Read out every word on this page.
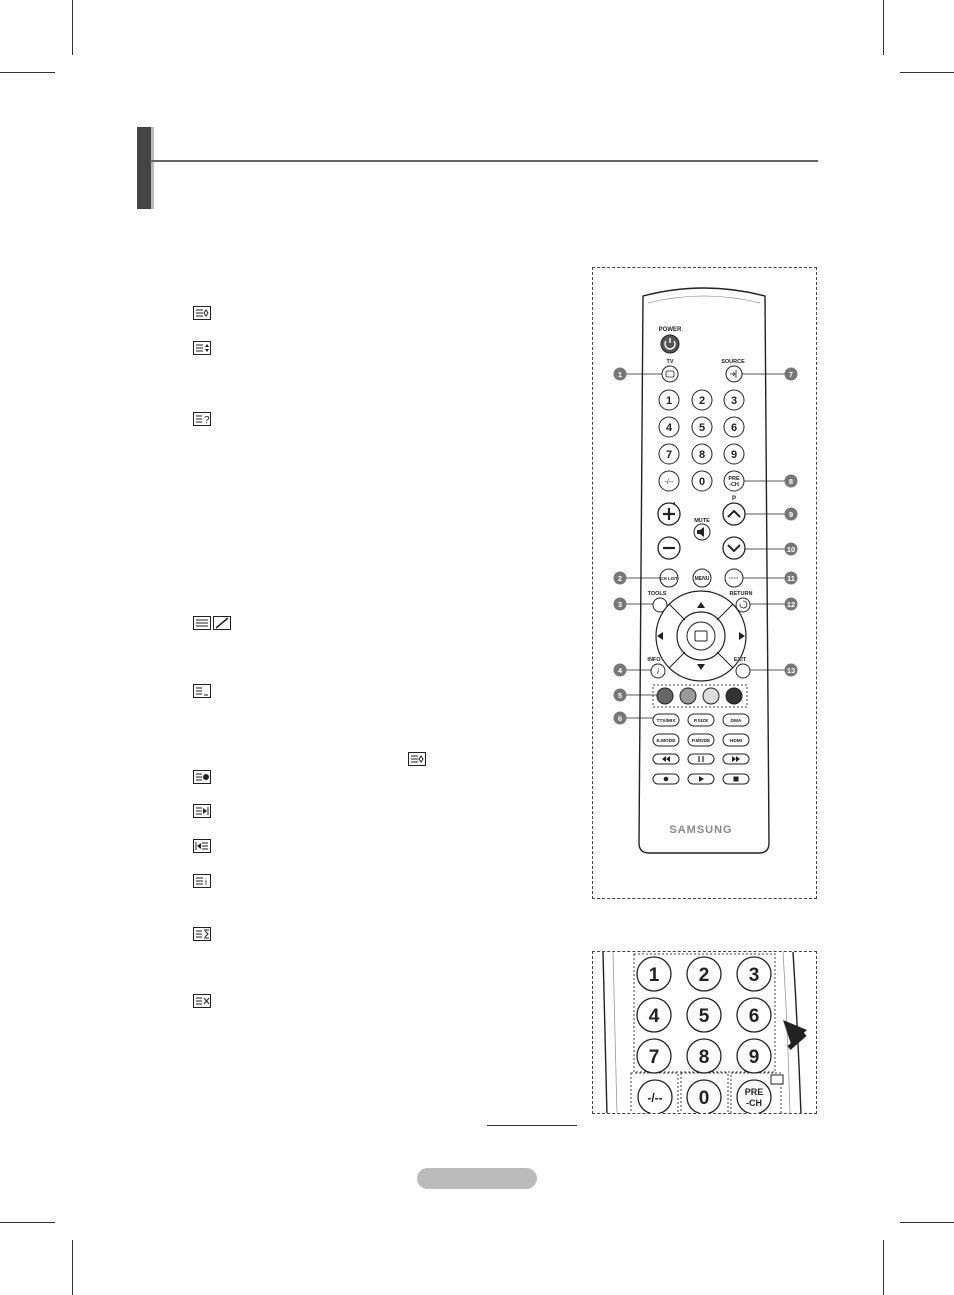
?
i
POWER
TV	SOURCE
1 2 3
4 5 6
7 8 9
-/-- 0	PRE
-CH
MUTE
P
CH LIST	MENU
TOOLS	RETURN
INFO
i
EXIT
TTX/MIX	P.SIZE	DMA
E.MODE	P.MODE	HDMI
SAMSUNG
1
2
3
4
5
6
7
8
9
10
11
12
13
1 2 3
4 5 6
7 8 9
-/-- 0	PRE
-CH
